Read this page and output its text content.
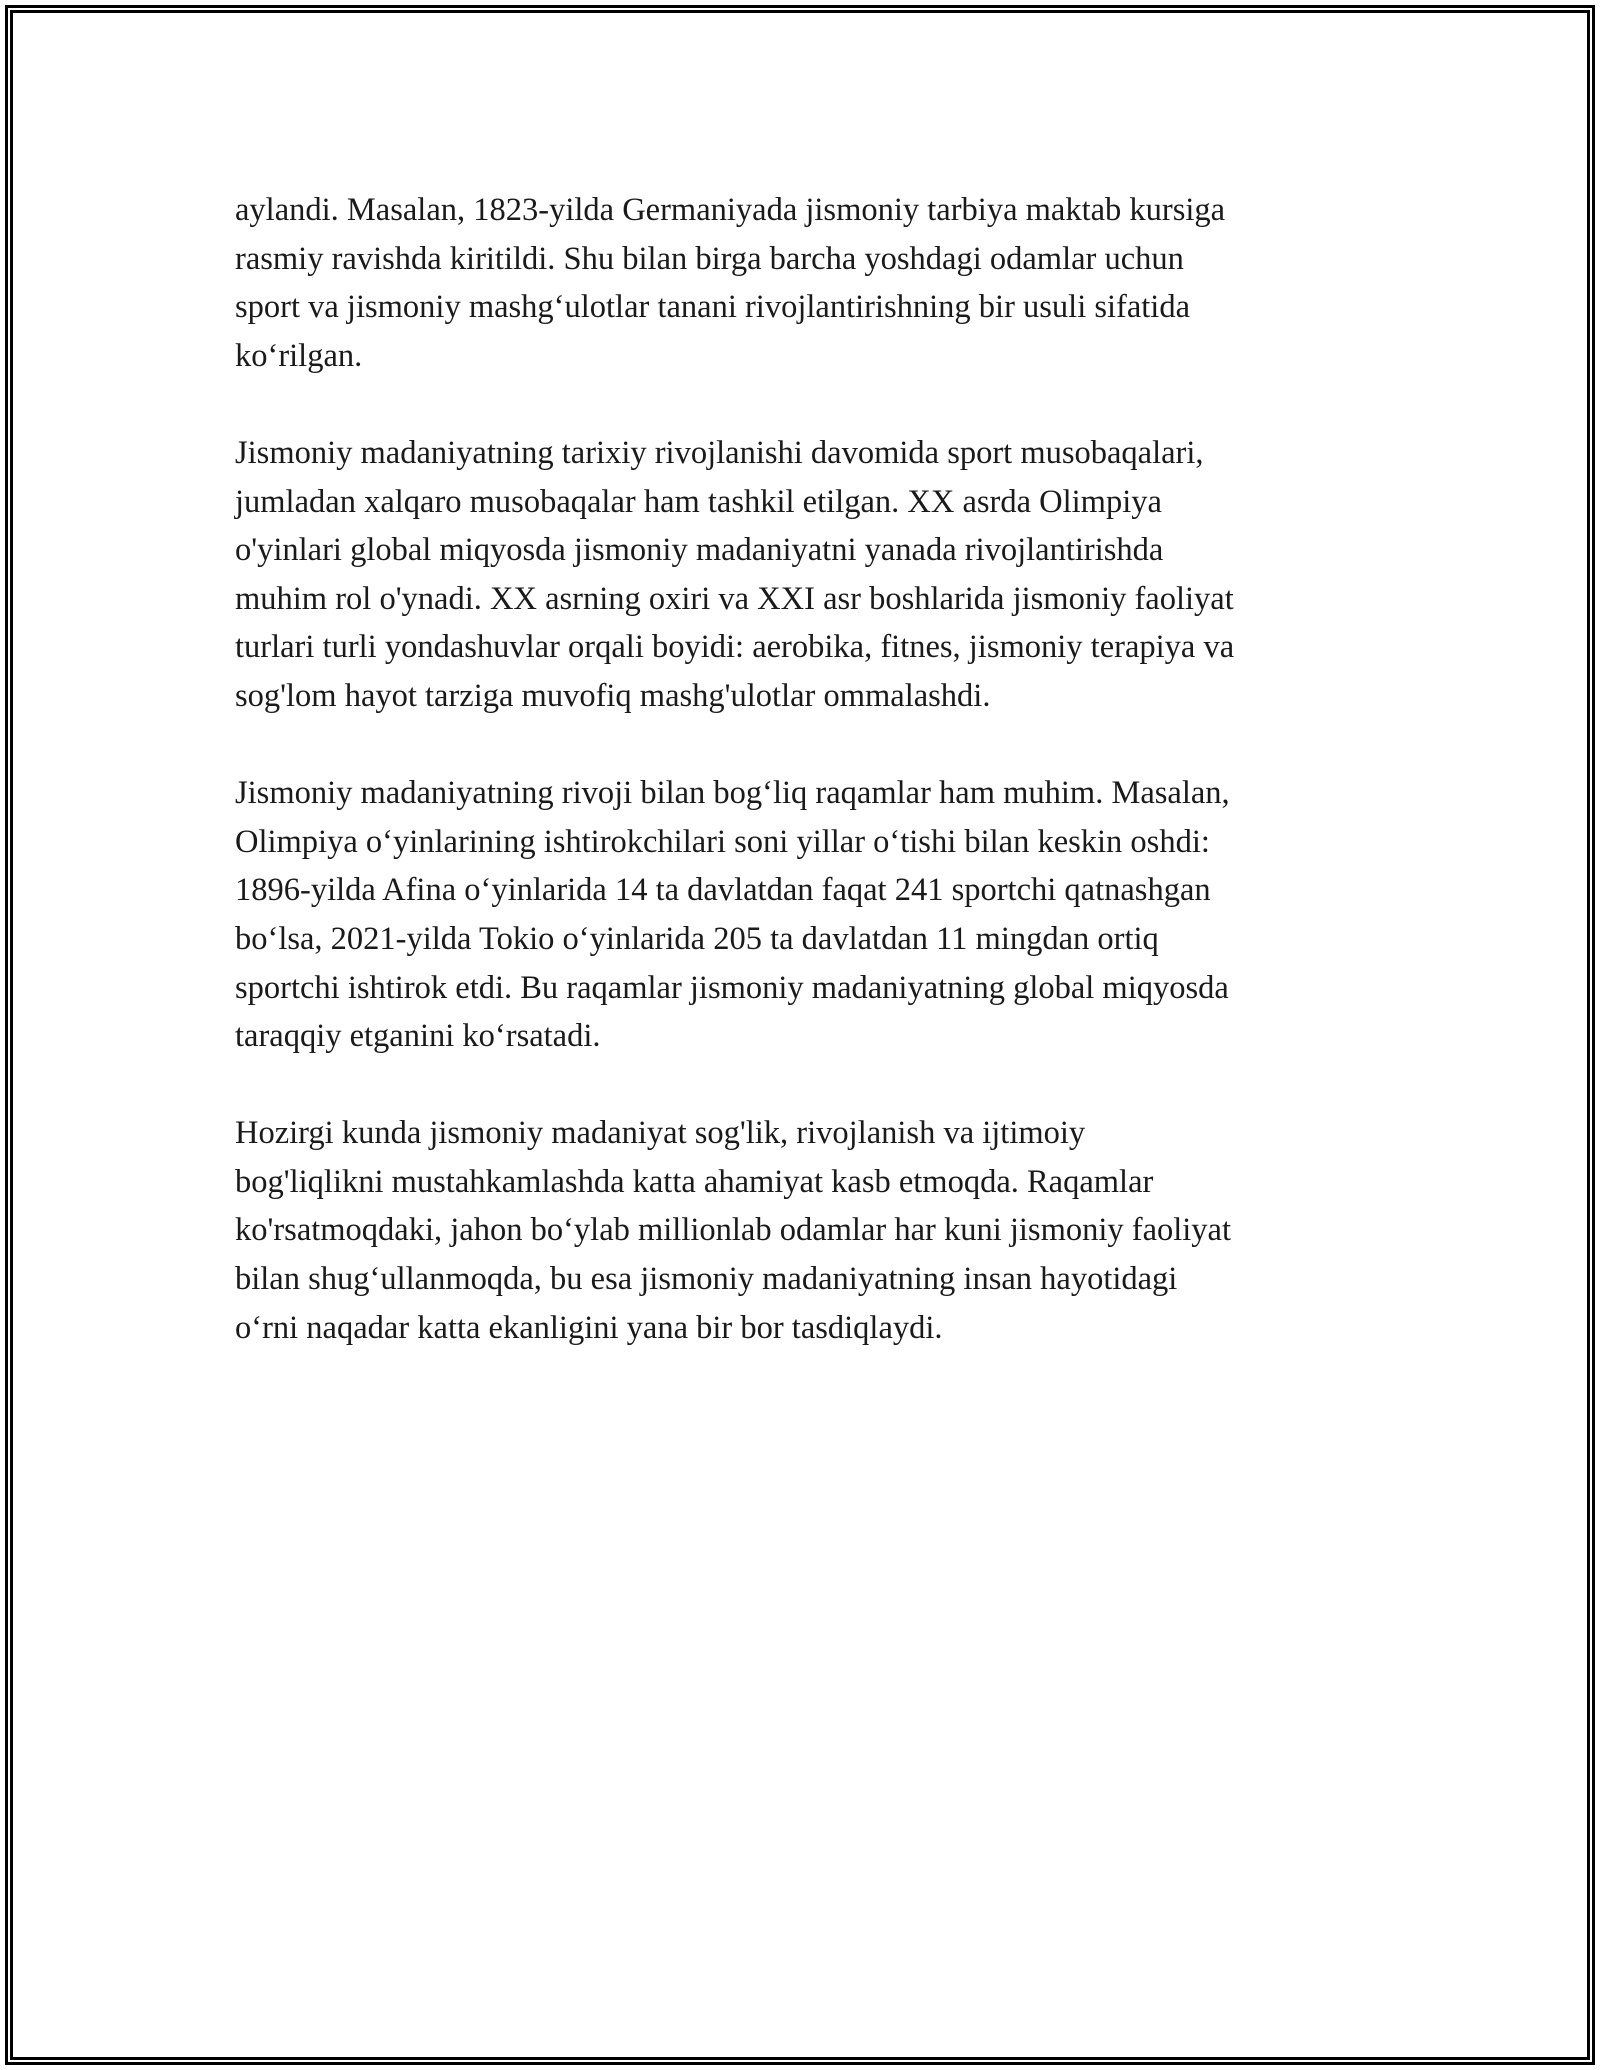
aylandi. Masalan, 1823-yilda Germaniyada jismoniy tarbiya maktab kursiga
rasmiy ravishda kiritildi. Shu bilan birga barcha yoshdagi odamlar uchun
sport va jismoniy mashg‘ulotlar tanani rivojlantirishning bir usuli sifatida
ko‘rilgan.

Jismoniy madaniyatning tarixiy rivojlanishi davomida sport musobaqalari,
jumladan xalqaro musobaqalar ham tashkil etilgan. XX asrda Olimpiya
o'yinlari global miqyosda jismoniy madaniyatni yanada rivojlantirishda
muhim rol o'ynadi. XX asrning oxiri va XXI asr boshlarida jismoniy faoliyat
turlari turli yondashuvlar orqali boyidi: aerobika, fitnes, jismoniy terapiya va
sog'lom hayot tarziga muvofiq mashg'ulotlar ommalashdi.

Jismoniy madaniyatning rivoji bilan bog‘liq raqamlar ham muhim. Masalan,
Olimpiya o‘yinlarining ishtirokchilari soni yillar o‘tishi bilan keskin oshdi:
1896-yilda Afina o‘yinlarida 14 ta davlatdan faqat 241 sportchi qatnashgan
bo‘lsa, 2021-yilda Tokio o‘yinlarida 205 ta davlatdan 11 mingdan ortiq
sportchi ishtirok etdi. Bu raqamlar jismoniy madaniyatning global miqyosda
taraqqiy etganini ko‘rsatadi.

Hozirgi kunda jismoniy madaniyat sog'lik, rivojlanish va ijtimoiy
bog'liqlikni mustahkamlashda katta ahamiyat kasb etmoqda. Raqamlar
ko'rsatmoqdaki, jahon bo‘ylab millionlab odamlar har kuni jismoniy faoliyat
bilan shug‘ullanmoqda, bu esa jismoniy madaniyatning insan hayotidagi
o‘rni naqadar katta ekanligini yana bir bor tasdiqlaydi.
